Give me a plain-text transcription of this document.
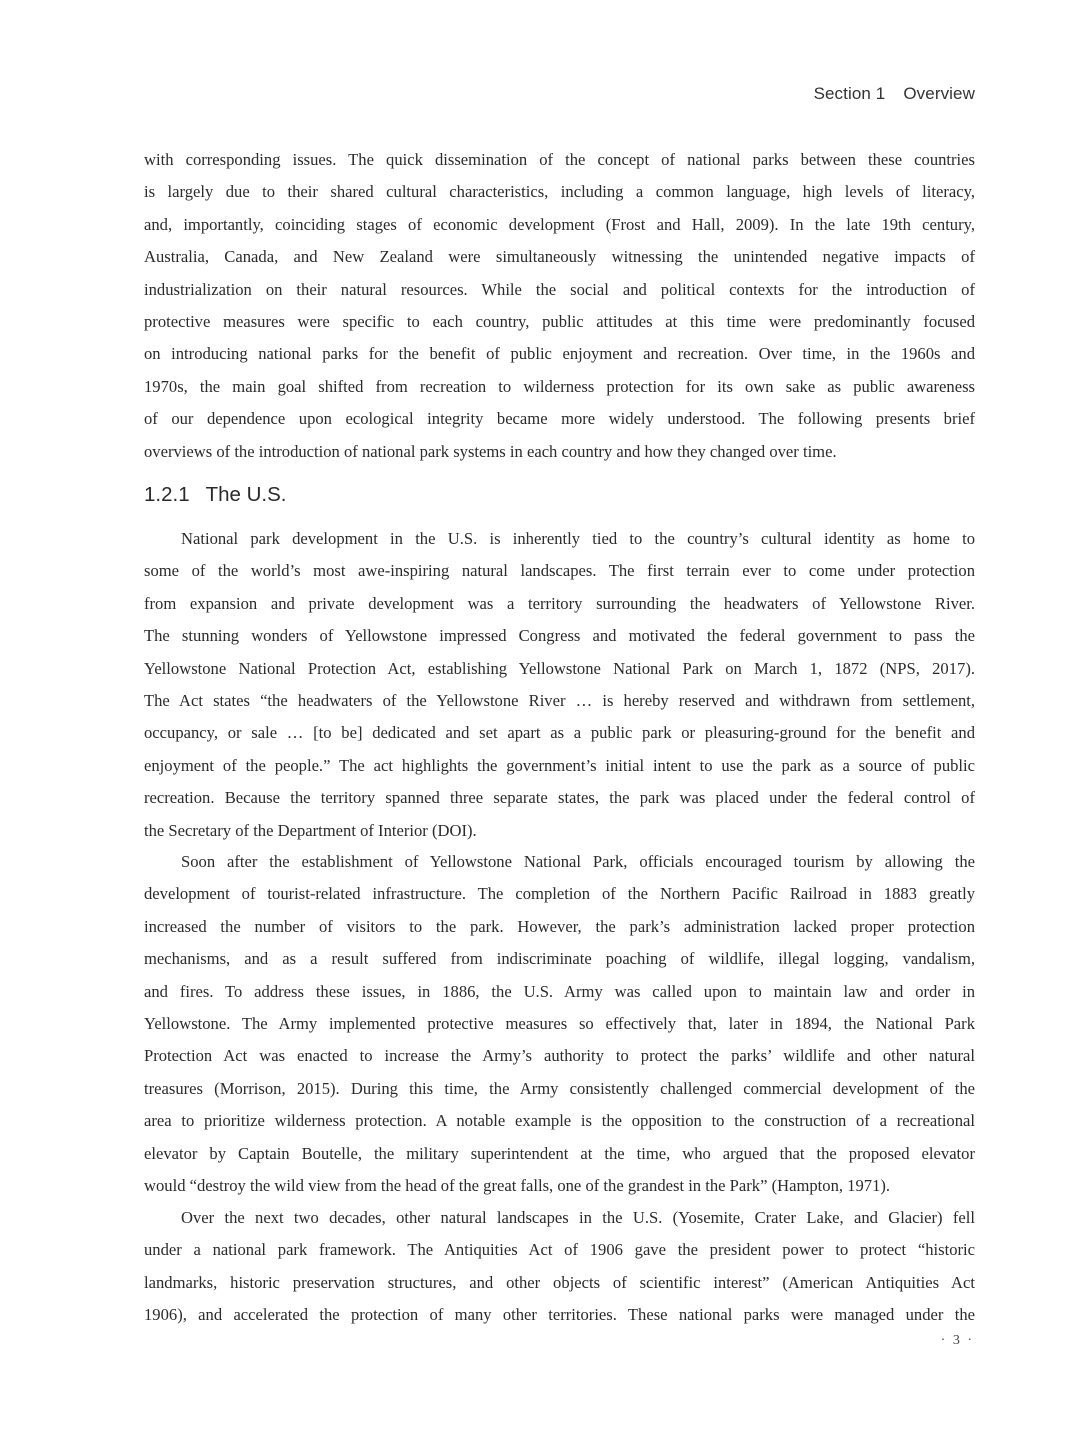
Section 1 Overview
with corresponding issues. The quick dissemination of the concept of national parks between these countries
is largely due to their shared cultural characteristics, including a common language, high levels of literacy,
and, importantly, coinciding stages of economic development (Frost and Hall, 2009). In the late 19th century,
Australia, Canada, and New Zealand were simultaneously witnessing the unintended negative impacts of
industrialization on their natural resources. While the social and political contexts for the introduction of
protective measures were specific to each country, public attitudes at this time were predominantly focused
on introducing national parks for the benefit of public enjoyment and recreation. Over time, in the 1960s and
1970s, the main goal shifted from recreation to wilderness protection for its own sake as public awareness
of our dependence upon ecological integrity became more widely understood. The following presents brief
overviews of the introduction of national park systems in each country and how they changed over time.
1.2.1 The U.S.
National park development in the U.S. is inherently tied to the country’s cultural identity as home to
some of the world’s most awe-inspiring natural landscapes. The first terrain ever to come under protection
from expansion and private development was a territory surrounding the headwaters of Yellowstone River.
The stunning wonders of Yellowstone impressed Congress and motivated the federal government to pass the
Yellowstone National Protection Act, establishing Yellowstone National Park on March 1, 1872 (NPS, 2017).
The Act states “the headwaters of the Yellowstone River … is hereby reserved and withdrawn from settlement,
occupancy, or sale … [to be] dedicated and set apart as a public park or pleasuring-ground for the benefit and
enjoyment of the people.” The act highlights the government’s initial intent to use the park as a source of public
recreation. Because the territory spanned three separate states, the park was placed under the federal control of
the Secretary of the Department of Interior (DOI).
Soon after the establishment of Yellowstone National Park, officials encouraged tourism by allowing the
development of tourist-related infrastructure. The completion of the Northern Pacific Railroad in 1883 greatly
increased the number of visitors to the park. However, the park’s administration lacked proper protection
mechanisms, and as a result suffered from indiscriminate poaching of wildlife, illegal logging, vandalism,
and fires. To address these issues, in 1886, the U.S. Army was called upon to maintain law and order in
Yellowstone. The Army implemented protective measures so effectively that, later in 1894, the National Park
Protection Act was enacted to increase the Army’s authority to protect the parks’ wildlife and other natural
treasures (Morrison, 2015). During this time, the Army consistently challenged commercial development of the
area to prioritize wilderness protection. A notable example is the opposition to the construction of a recreational
elevator by Captain Boutelle, the military superintendent at the time, who argued that the proposed elevator
would “destroy the wild view from the head of the great falls, one of the grandest in the Park” (Hampton, 1971).
Over the next two decades, other natural landscapes in the U.S. (Yosemite, Crater Lake, and Glacier) fell
under a national park framework. The Antiquities Act of 1906 gave the president power to protect “historic
landmarks, historic preservation structures, and other objects of scientific interest” (American Antiquities Act
1906), and accelerated the protection of many other territories. These national parks were managed under the
· 3 ·
